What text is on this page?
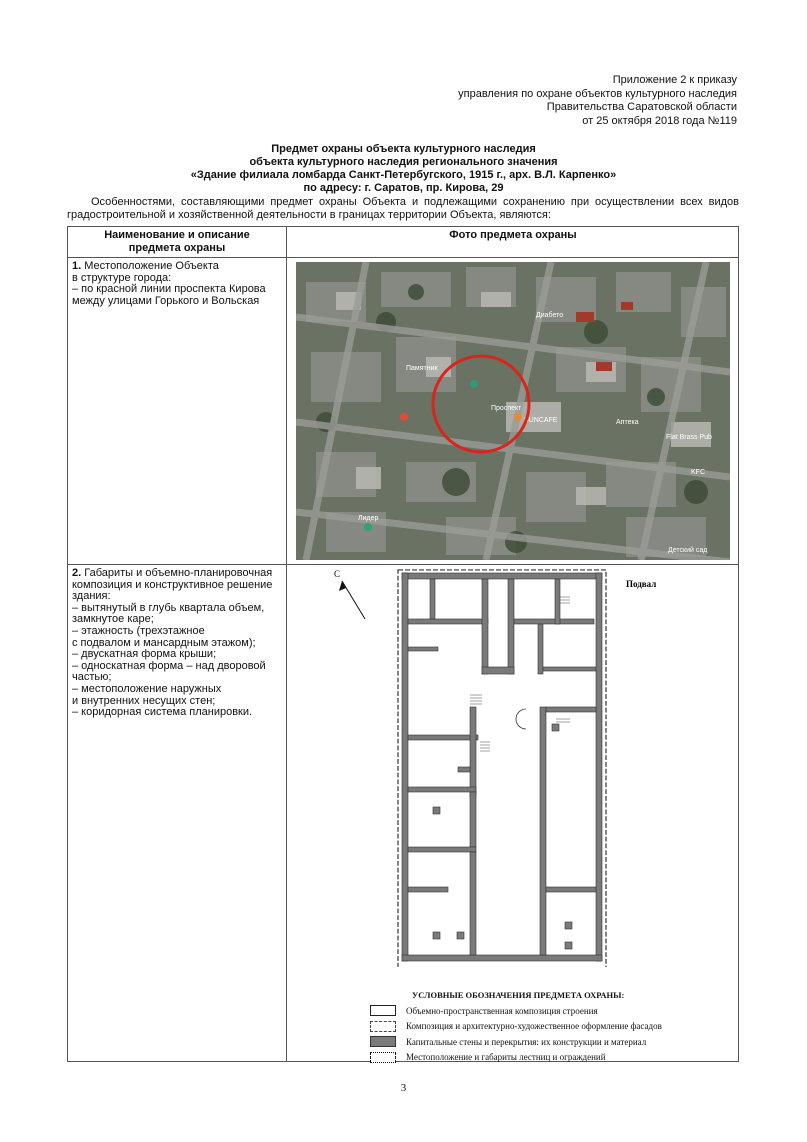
Приложение 2 к приказу
управления по охране объектов культурного наследия
Правительства Саратовской области
от 25 октября 2018 года №119
Предмет охраны объекта культурного наследия
объекта культурного наследия регионального значения
«Здание филиала ломбарда Санкт-Петербугского, 1915 г., арх. В.Л. Карпенко»
по адресу: г. Саратов, пр. Кирова, 29

Особенностями, составляющими предмет охраны Объекта и подлежащими сохранению при осуществлении всех видов градостроительной и хозяйственной деятельности в границах территории Объекта, являются:

Наименование и описание
предмета охраны
Фото предмета охраны
1. Местоположение Объекта
в структуре города:
– по красной линии проспекта Кирова
между улицами Горького и Вольская
2. Габариты и объемно-планировочная
композиция и конструктивное решение
здания:
– вытянутый в глубь квартала объем,
замкнутое каре;
– этажность (трехэтажное
с подвалом и мансардным этажом);
– двускатная форма крыши;
– односкатная форма – над дворовой
частью;
– местоположение наружных
и внутренних несущих стен;
– коридорная система планировки.
Памятник
Проспект
SUNCAFE
Диабето
Аптека
Flat Brass Pub
KFC
Лидер
Детский сад
С
Подвал
УСЛОВНЫЕ ОБОЗНАЧЕНИЯ ПРЕДМЕТА ОХРАНЫ:
Объемно-пространственная композиция строения
Композиция и архитектурно-художественное оформление фасадов
Капитальные стены и перекрытия: их конструкции и материал
Местоположение и габариты лестниц и ограждений
3
